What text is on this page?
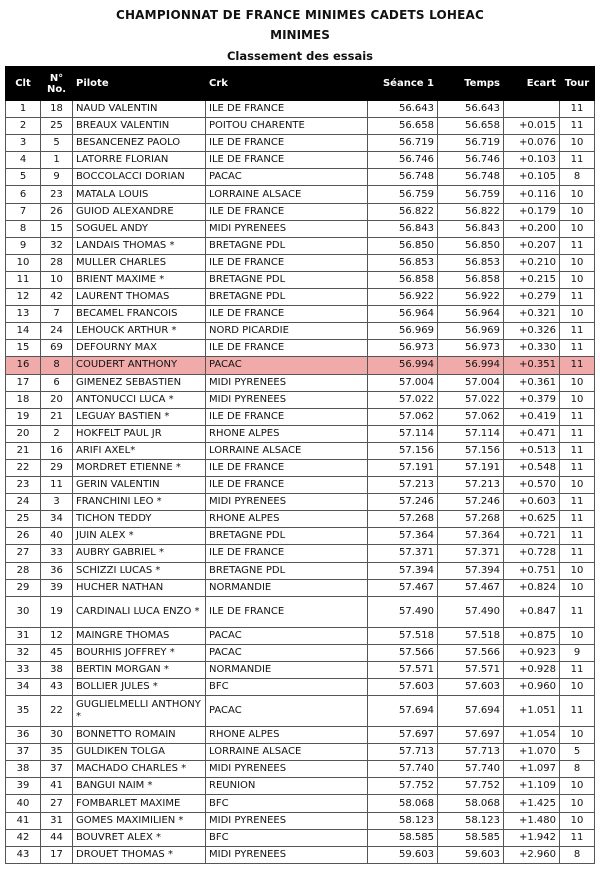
CHAMPIONNAT DE FRANCE MINIMES CADETS LOHEAC
MINIMES
Classement des essais
Clt	N° No.	Pilote	Crk	Séance 1	Temps	Ecart	Tour
1	18	NAUD VALENTIN	ILE DE FRANCE	56.643	56.643		11
2	25	BREAUX VALENTIN	POITOU CHARENTE	56.658	56.658	+0.015	11
3	5	BESANCENEZ PAOLO	ILE DE FRANCE	56.719	56.719	+0.076	10
4	1	LATORRE FLORIAN	ILE DE FRANCE	56.746	56.746	+0.103	11
5	9	BOCCOLACCI DORIAN	PACAC	56.748	56.748	+0.105	8
6	23	MATALA LOUIS	LORRAINE ALSACE	56.759	56.759	+0.116	10
7	26	GUIOD ALEXANDRE	ILE DE FRANCE	56.822	56.822	+0.179	10
8	15	SOGUEL ANDY	MIDI PYRENEES	56.843	56.843	+0.200	10
9	32	LANDAIS THOMAS *	BRETAGNE PDL	56.850	56.850	+0.207	11
10	28	MULLER CHARLES	ILE DE FRANCE	56.853	56.853	+0.210	10
11	10	BRIENT MAXIME *	BRETAGNE PDL	56.858	56.858	+0.215	10
12	42	LAURENT THOMAS	BRETAGNE PDL	56.922	56.922	+0.279	11
13	7	BECAMEL FRANCOIS	ILE DE FRANCE	56.964	56.964	+0.321	10
14	24	LEHOUCK ARTHUR *	NORD PICARDIE	56.969	56.969	+0.326	11
15	69	DEFOURNY MAX	ILE DE FRANCE	56.973	56.973	+0.330	11
16	8	COUDERT ANTHONY	PACAC	56.994	56.994	+0.351	11
17	6	GIMENEZ SEBASTIEN	MIDI PYRENEES	57.004	57.004	+0.361	10
18	20	ANTONUCCI LUCA *	MIDI PYRENEES	57.022	57.022	+0.379	10
19	21	LEGUAY BASTIEN *	ILE DE FRANCE	57.062	57.062	+0.419	11
20	2	HOKFELT PAUL JR	RHONE ALPES	57.114	57.114	+0.471	11
21	16	ARIFI AXEL*	LORRAINE ALSACE	57.156	57.156	+0.513	11
22	29	MORDRET ETIENNE *	ILE DE FRANCE	57.191	57.191	+0.548	11
23	11	GERIN VALENTIN	ILE DE FRANCE	57.213	57.213	+0.570	10
24	3	FRANCHINI LEO *	MIDI PYRENEES	57.246	57.246	+0.603	11
25	34	TICHON TEDDY	RHONE ALPES	57.268	57.268	+0.625	11
26	40	JUIN ALEX *	BRETAGNE PDL	57.364	57.364	+0.721	11
27	33	AUBRY GABRIEL *	ILE DE FRANCE	57.371	57.371	+0.728	11
28	36	SCHIZZI LUCAS *	BRETAGNE PDL	57.394	57.394	+0.751	10
29	39	HUCHER NATHAN	NORMANDIE	57.467	57.467	+0.824	10
30	19	CARDINALI LUCA ENZO *	ILE DE FRANCE	57.490	57.490	+0.847	11
31	12	MAINGRE THOMAS	PACAC	57.518	57.518	+0.875	10
32	45	BOURHIS JOFFREY *	PACAC	57.566	57.566	+0.923	9
33	38	BERTIN MORGAN *	NORMANDIE	57.571	57.571	+0.928	11
34	43	BOLLIER JULES *	BFC	57.603	57.603	+0.960	10
35	22	GUGLIELMELLI ANTHONY *	PACAC	57.694	57.694	+1.051	11
36	30	BONNETTO ROMAIN	RHONE ALPES	57.697	57.697	+1.054	10
37	35	GULDIKEN TOLGA	LORRAINE ALSACE	57.713	57.713	+1.070	5
38	37	MACHADO CHARLES *	MIDI PYRENEES	57.740	57.740	+1.097	8
39	41	BANGUI NAIM *	REUNION	57.752	57.752	+1.109	10
40	27	FOMBARLET MAXIME	BFC	58.068	58.068	+1.425	10
41	31	GOMES MAXIMILIEN *	MIDI PYRENEES	58.123	58.123	+1.480	10
42	44	BOUVRET ALEX *	BFC	58.585	58.585	+1.942	11
43	17	DROUET THOMAS *	MIDI PYRENEES	59.603	59.603	+2.960	8
